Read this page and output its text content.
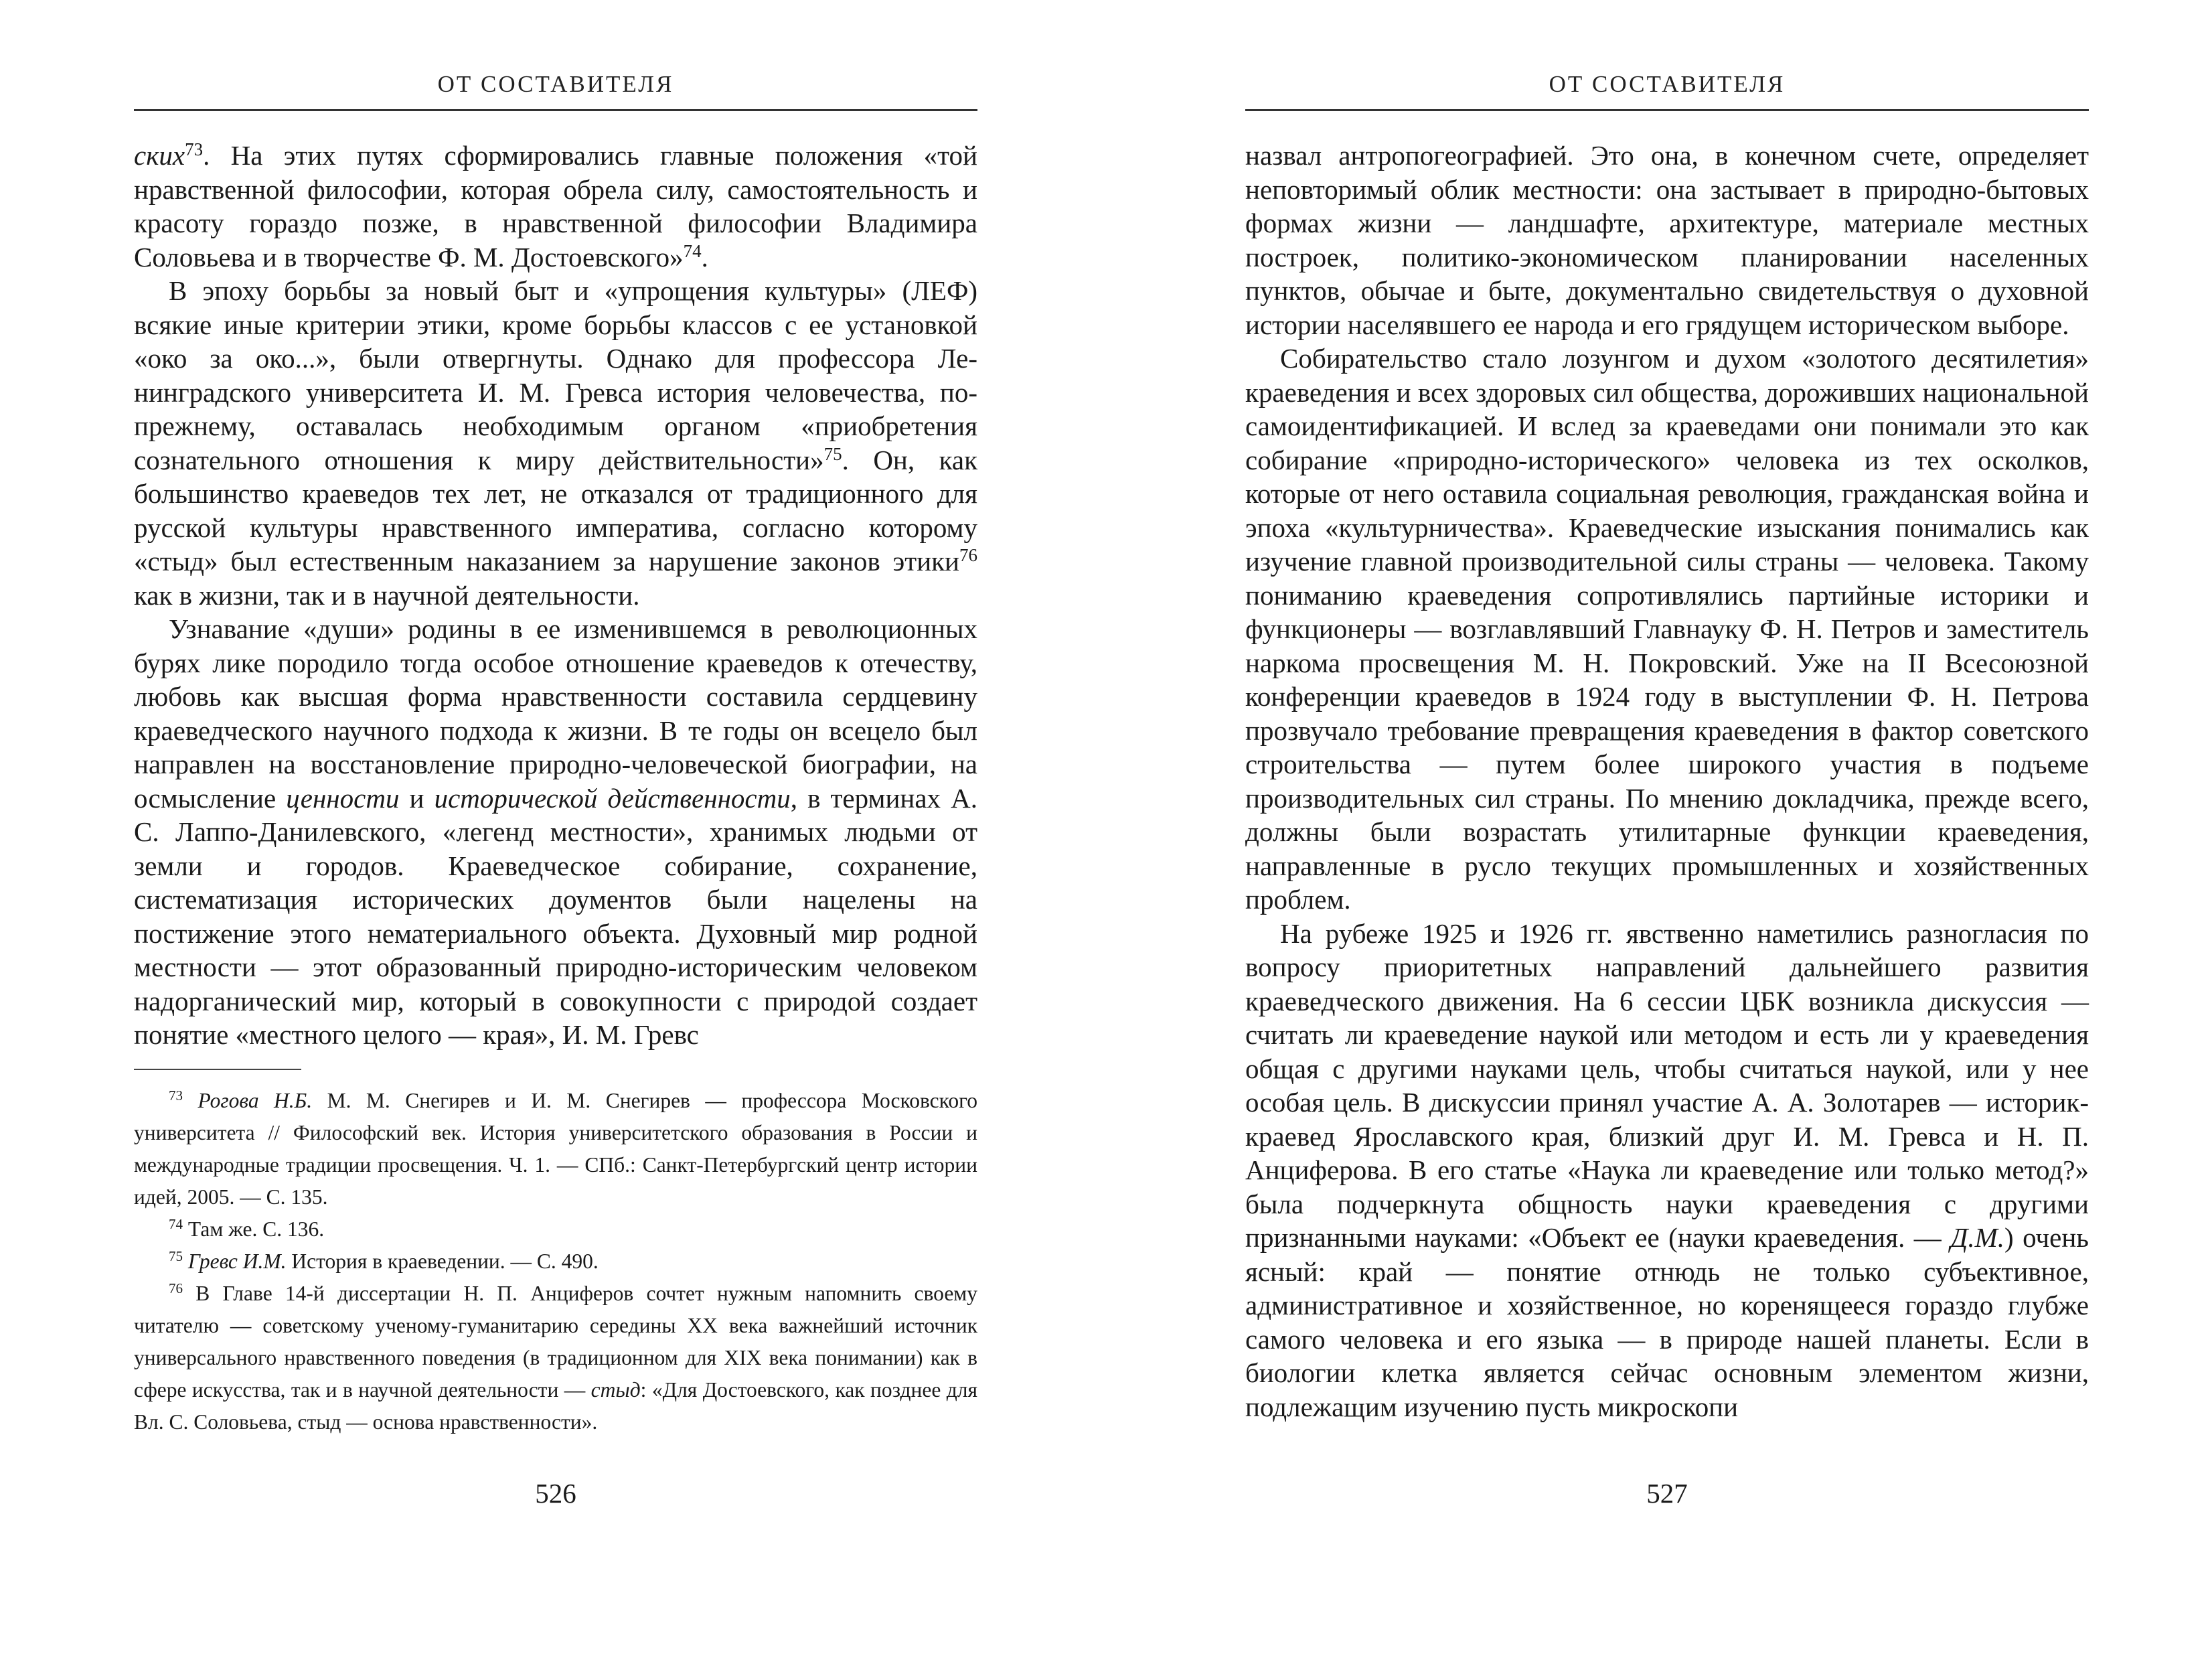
ОТ СОСТАВИТЕЛЯ

ских$^{73}$. На этих путях сформировались главные положения «той нравственной философии, которая обрела силу, самостоятельность и красоту гораздо позже, в нравственной философии Владимира Соловьева и в творчестве Ф. М. Достоевского»$^{74}$.

В эпоху борьбы за новый быт и «упрощения культуры» (ЛЕФ) всякие иные критерии этики, кроме борьбы классов с ее установкой «око за око...», были отвергнуты. Однако для профессора Ленинградского университета И. М. Гревса история человечества, по-прежнему, оставалась необходимым органом «приобретения сознательного отношения к миру действительности»$^{75}$. Он, как большинство краеведов тех лет, не отказался от традиционного для русской культуры нравственного императива, согласно которому «стыд» был естественным наказанием за нарушение законов этики$^{76}$ как в жизни, так и в научной деятельности.

Узнавание «души» родины в ее изменившемся в революционных бурях лике породило тогда особое отношение краеведов к отечеству, любовь как высшая форма нравственности составила сердцевину краеведческого научного подхода к жизни. В те годы он всецело был направлен на восстановление природно-человеческой биографии, на осмысление ценности и исторической действенности, в терминах А. С. Лаппо-Данилевского, «легенд местности», хранимых людьми от земли и городов. Краеведческое собирание, сохранение, систематизация исторических доументов были нацелены на постижение этого нематериального объекта. Духовный мир родной местности — этот образованный природно-историческим человеком надорганический мир, который в совокупности с природой создает понятие «местного целого — края», И. М. Гревс

$^{73}$ Рогова Н.Б. М. М. Снегирев и И. М. Снегирев — профессора Московского университета // Философский век. История университетского образования в России и международные традиции просвещения. Ч. 1. — СПб.: Санкт-Петербургский центр истории идей, 2005. — С. 135.

$^{74}$ Там же. С. 136.

$^{75}$ Гревс И.М. История в краеведении. — С. 490.

$^{76}$ В Главе 14-й диссертации Н. П. Анциферов сочтет нужным напомнить своему читателю — советскому ученому-гуманитарию середины XX века важнейший источник универсального нравственного поведения (в традиционном для XIX века понимании) как в сфере искусства, так и в научной деятельности — стыд: «Для Достоевского, как позднее для Вл. С. Соловьева, стыд — основа нравственности».

526
ОТ СОСТАВИТЕЛЯ

назвал антропогеографией. Это она, в конечном счете, определяет неповторимый облик местности: она застывает в природно-бытовых формах жизни — ландшафте, архитектуре, материале местных построек, политико-экономическом планировании населенных пунктов, обычае и быте, документально свидетельствуя о духовной истории населявшего ее народа и его грядущем историческом выборе.

Собирательство стало лозунгом и духом «золотого десятилетия» краеведения и всех здоровых сил общества, дороживших национальной самоидентификацией. И вслед за краеведами они понимали это как собирание «природно-исторического» человека из тех осколков, которые от него оставила социальная революция, гражданская война и эпоха «культурничества». Краеведческие изыскания понимались как изучение главной производительной силы страны — человека. Такому пониманию краеведения сопротивлялись партийные историки и функционеры — возглавлявший Главнауку Ф. Н. Петров и заместитель наркома просвещения М. Н. Покровский. Уже на II Всесоюзной конференции краеведов в 1924 году в выступлении Ф. Н. Петрова прозвучало требование превращения краеведения в фактор советского строительства — путем более широкого участия в подъеме производительных сил страны. По мнению докладчика, прежде всего, должны были возрастать утилитарные функции краеведения, направленные в русло текущих промышленных и хозяйственных проблем.

На рубеже 1925 и 1926 гг. явственно наметились разногласия по вопросу приоритетных направлений дальнейшего развития краеведческого движения. На 6 сессии ЦБК возникла дискуссия — считать ли краеведение наукой или методом и есть ли у краеведения общая с другими науками цель, чтобы считаться наукой, или у нее особая цель. В дискуссии принял участие А. А. Золотарев — историк-краевед Ярославского края, близкий друг И. М. Гревса и Н. П. Анциферова. В его статье «Наука ли краеведение или только метод?» была подчеркнута общность науки краеведения с другими признанными науками: «Объект ее (науки краеведения. — Д.М.) очень ясный: край — понятие отнюдь не только субъективное, административное и хозяйственное, но коренящееся гораздо глубже самого человека и его языка — в природе нашей планеты. Если в биологии клетка является сейчас основным элементом жизни, подлежащим изучению пусть микроскопи

527
